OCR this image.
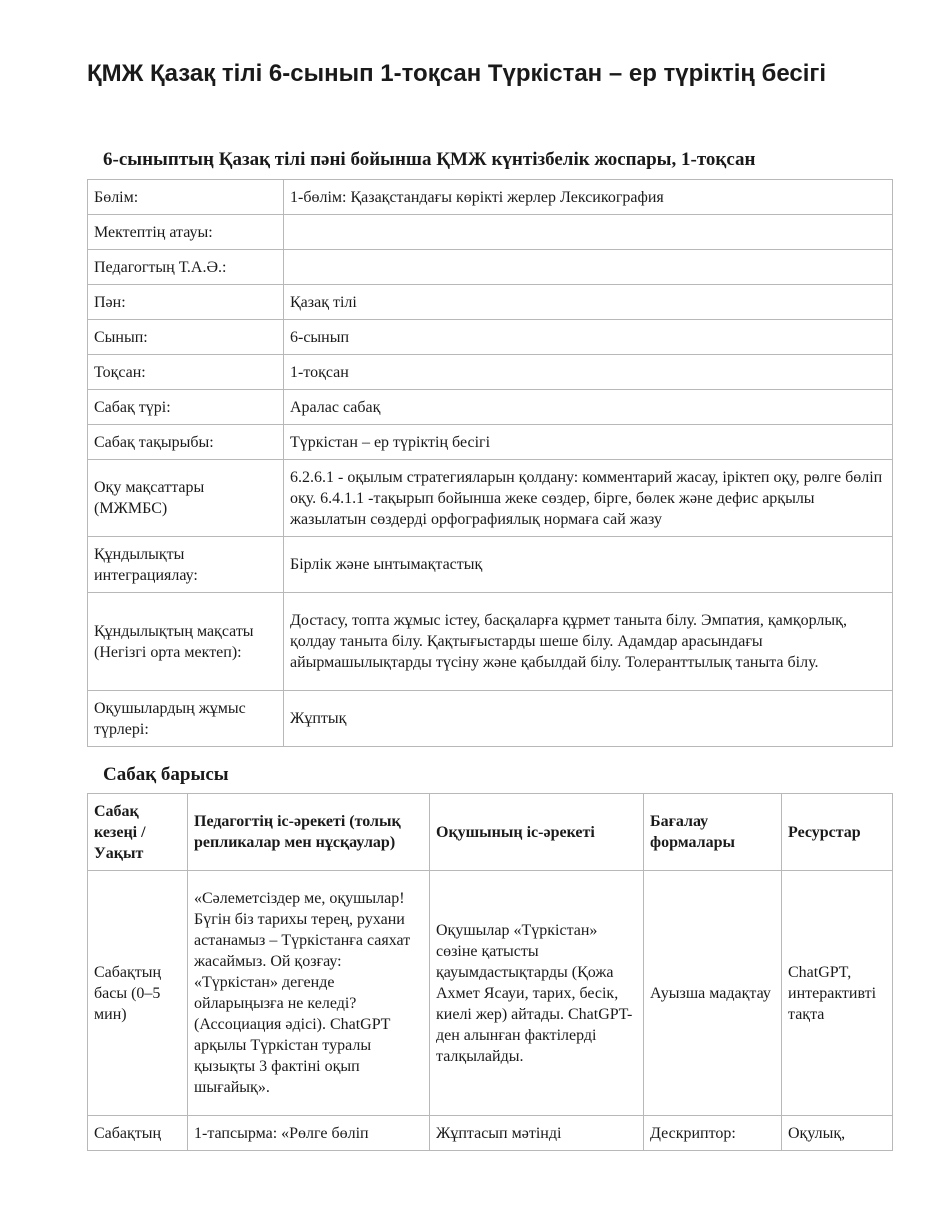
ҚМЖ Қазақ тілі 6-сынып 1-тоқсан Түркістан – ер түріктің бесігі
6-сыныптың Қазақ тілі пәні бойынша ҚМЖ күнтізбелік жоспары, 1-тоқсан
Бөлім:	1-бөлім: Қазақстандағы көрікті жерлер Лексикография
Мектептің атауы:	
Педагогтың Т.А.Ә.:	
Пән:	Қазақ тілі
Сынып:	6-сынып
Тоқсан:	1-тоқсан
Сабақ түрі:	Аралас сабақ
Сабақ тақырыбы:	Түркістан – ер түріктің бесігі
Оқу мақсаттары (МЖМБС)	6.2.6.1 - оқылым стратегияларын қолдану: комментарий жасау, іріктеп оқу, рөлге бөліп оқу. 6.4.1.1 -тақырып бойынша жеке сөздер, бірге, бөлек және дефис арқылы жазылатын сөздерді орфографиялық нормаға сай жазу
Құндылықты интеграциялау:	Бірлік және ынтымақтастық
Құндылықтың мақсаты (Негізгі орта мектеп):	Достасу, топта жұмыс істеу, басқаларға құрмет таныта білу. Эмпатия, қамқорлық, қолдау таныта білу. Қақтығыстарды шеше білу. Адамдар арасындағы айырмашылықтарды түсіну және қабылдай білу. Толеранттылық таныта білу.
Оқушылардың жұмыс түрлері:	Жұптық
Сабақ барысы
Сабақ кезеңі / Уақыт	Педагогтің іс-әрекеті (толық репликалар мен нұсқаулар)	Оқушының іс-әрекеті	Бағалау формалары	Ресурстар
Сабақтың басы (0–5 мин)	«Сәлеметсіздер ме, оқушылар! Бүгін біз тарихы терең, рухани астанамыз – Түркістанға саяхат жасаймыз. Ой қозғау: «Түркістан» дегенде ойларыңызға не келеді? (Ассоциация әдісі). ChatGPT арқылы Түркістан туралы қызықты 3 фактіні оқып шығайық».	Оқушылар «Түркістан» сөзіне қатысты қауымдастықтарды (Қожа Ахмет Ясауи, тарих, бесік, киелі жер) айтады. ChatGPT-ден алынған фактілерді талқылайды.	Ауызша мадақтау	ChatGPT, интерактивті тақта
Сабақтың	1-тапсырма: «Рөлге бөліп	Жұптасып мәтінді	Дескриптор:	Оқулық,
